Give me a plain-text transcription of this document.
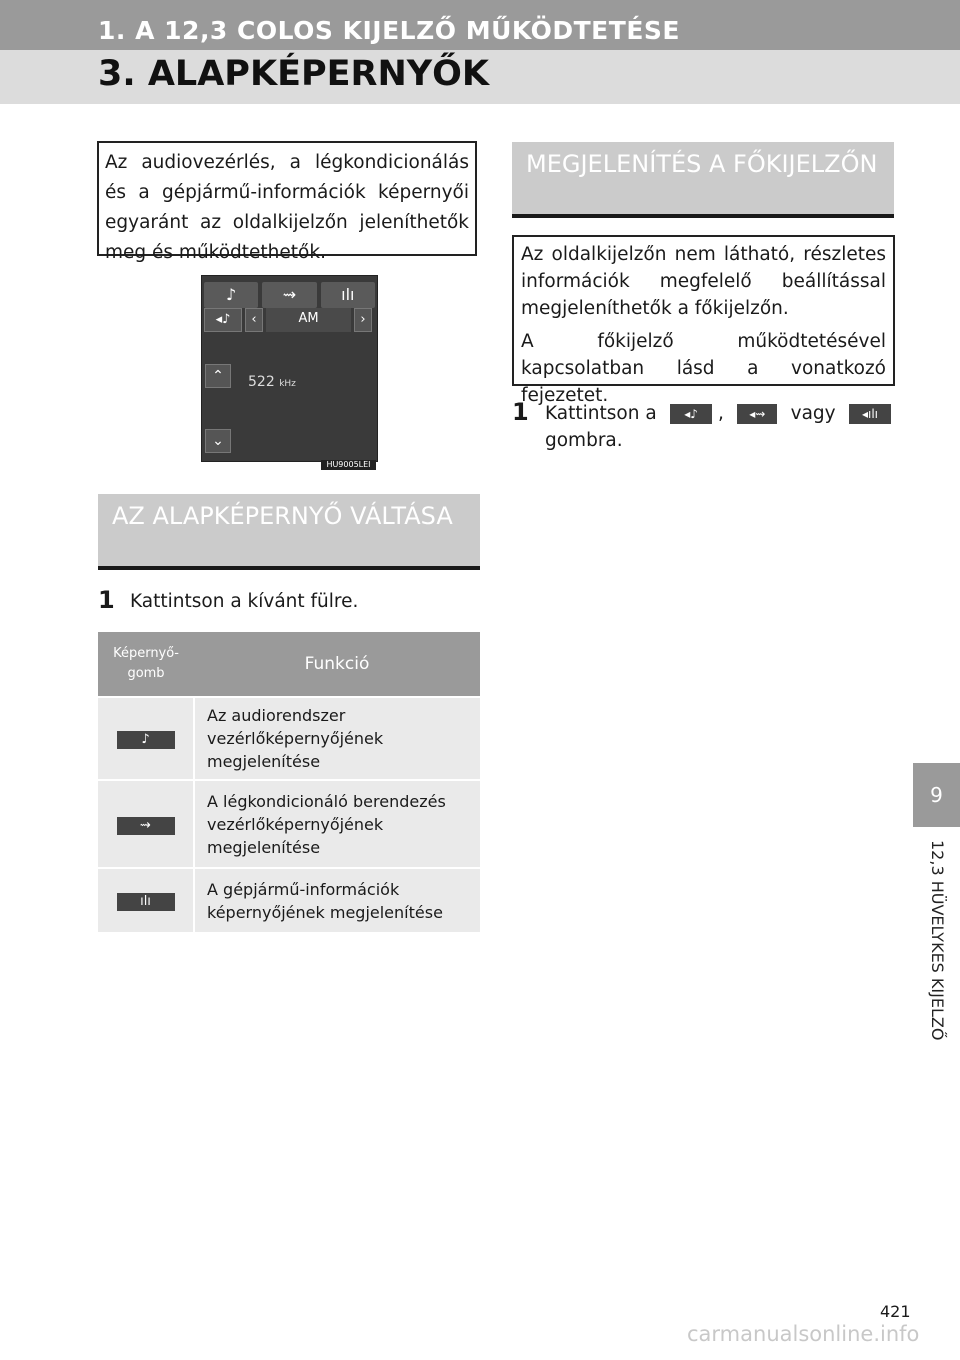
1. A 12,3 COLOS KIJELZŐ MŰKÖDTETÉSE
3. ALAPKÉPERNYŐK
Az audiovezérlés, a légkondicionálás és a gépjármű-információk képernyői egyaránt az oldalkijelzőn jeleníthetők meg és működtethetők.
♪	⇝	ılı
◂♪	‹	AM	›
⌃	522 kHz
⌄
HU9005LEI
AZ ALAPKÉPERNYŐ VÁLTÁSA
1 Kattintson a kívánt fülre.
Képernyő-gomb	Funkció
♪	Az audiorendszer vezérlőképernyőjének megjelenítése
⇝	A légkondicionáló berendezés vezérlőképernyőjének megjelenítése
ılı	A gépjármű-információk képernyőjének megjelenítése
MEGJELENÍTÉS A FŐKIJELZŐN

Az oldalkijelzőn nem látható, részletes információk megfelelő beállítással megjeleníthetők a főkijelzőn.

A főkijelző működtetésével kapcsolatban lásd a vonatkozó fejezetet.

1 Kattintson a	◂♪	,	◂⇝	vagy	◂ılı
gombra.
9
12,3 HÜVELYKES KIJELZŐ
421
carmanualsonline.info
